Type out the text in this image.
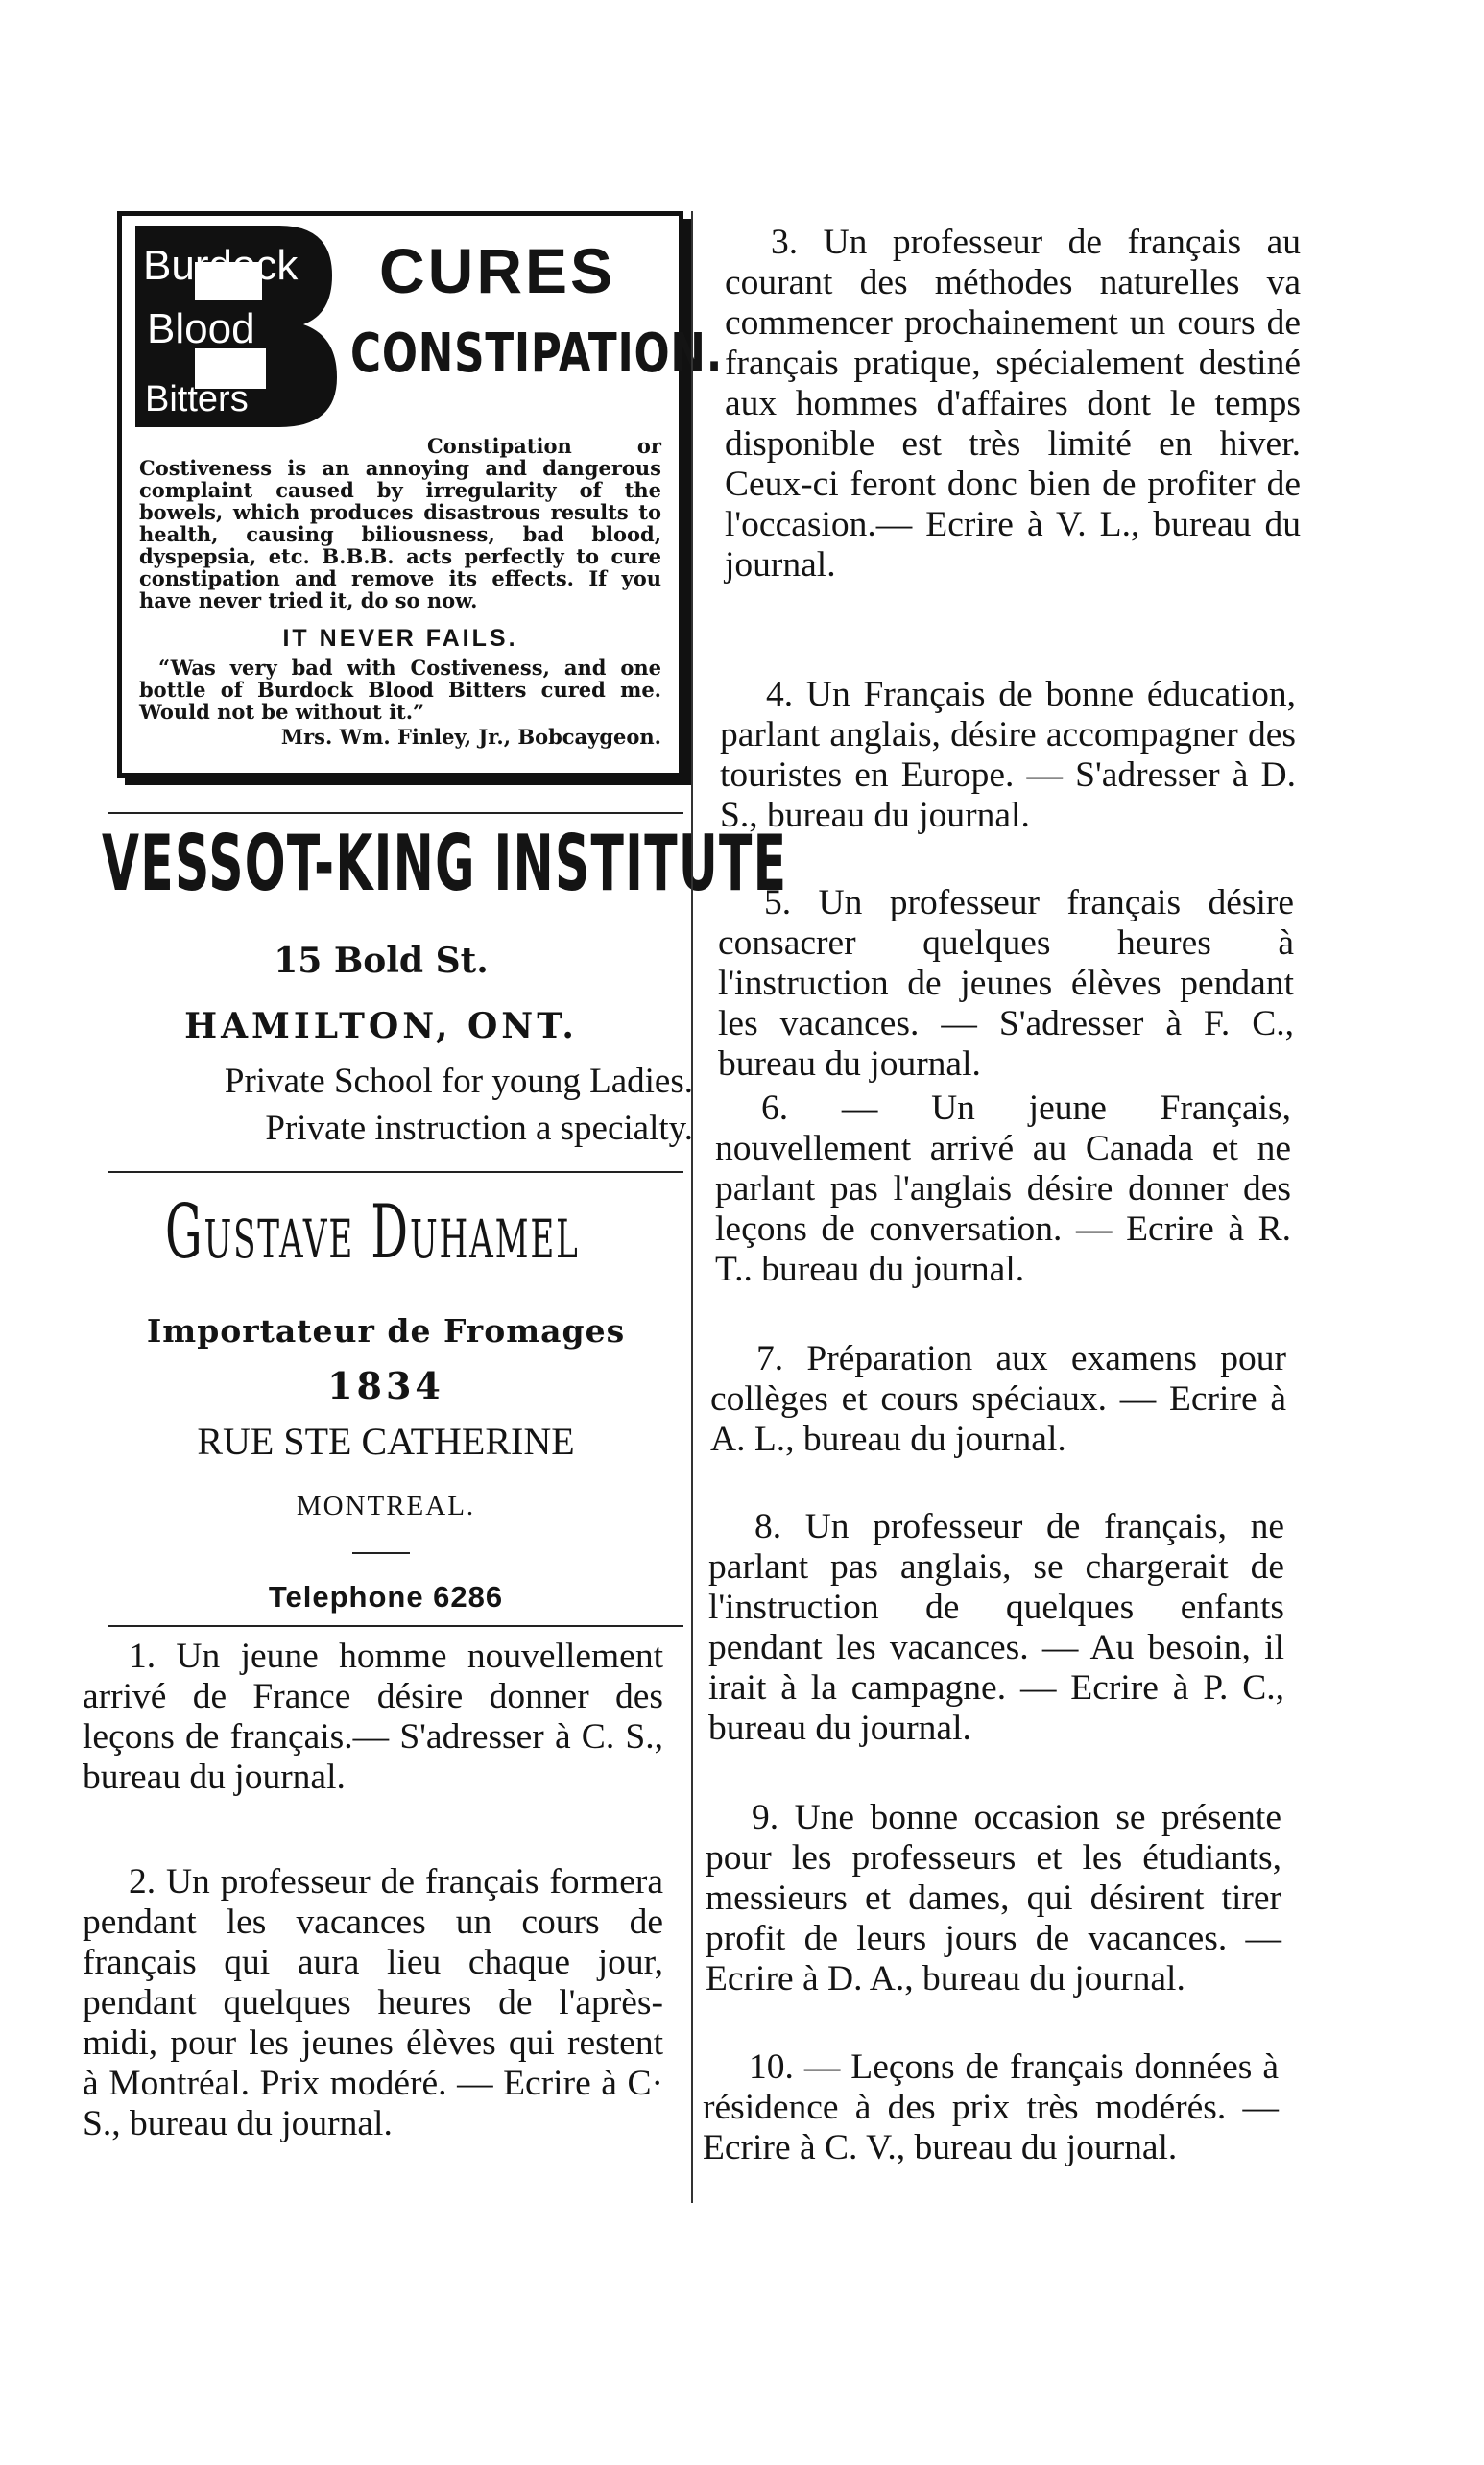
Burdock
Blood
Bitters
CURES
CONSTIPATION.
Constipation or Costiveness is an annoying and dangerous complaint caused by irregularity of the bowels, which produces disastrous results to health, causing biliousness, bad blood, dyspepsia, etc. B.B.B. acts perfectly to cure constipation and remove its effects. If you have never tried it, do so now.
IT NEVER FAILS.
“Was very bad with Costiveness, and one bottle of Burdock Blood Bitters cured me. Would not be without it.”
Mrs. Wm. Finley, Jr., Bobcaygeon.
VESSOT-KING INSTITUTE
15 Bold St.
HAMILTON, ONT.
Private School for young Ladies.
Private instruction a specialty.
Gustave Duhamel
Importateur de Fromages
1834
RUE STE CATHERINE
MONTREAL.
Telephone 6286
1. Un jeune homme nouvellement arrivé de France désire donner des leçons de français.— S'adresser à C. S., bureau du journal.
2. Un professeur de français formera pendant les vacances un cours de français qui aura lieu chaque jour, pendant quelques heures de l'après-midi, pour les jeunes élèves qui restent à Montréal. Prix modéré. — Ecrire à C· S., bureau du journal.
3. Un professeur de français au courant des méthodes naturelles va commencer prochainement un cours de français pratique, spécialement destiné aux hommes d'affaires dont le temps disponible est très limité en hiver. Ceux-ci feront donc bien de profiter de l'occasion.— Ecrire à V. L., bureau du journal.
4. Un Français de bonne éducation, parlant anglais, désire accompagner des touristes en Europe. — S'adresser à D. S., bureau du journal.
5. Un professeur français désire consacrer quelques heures à l'instruction de jeunes élèves pendant les vacances. — S'adresser à F. C., bureau du journal.
6. — Un jeune Français, nouvellement arrivé au Canada et ne parlant pas l'anglais désire donner des leçons de conversation. — Ecrire à R. T.. bureau du journal.
7. Préparation aux examens pour collèges et cours spéciaux. — Ecrire à A. L., bureau du journal.
8. Un professeur de français, ne parlant pas anglais, se chargerait de l'instruction de quelques enfants pendant les vacances. — Au besoin, il irait à la campagne. — Ecrire à P. C., bureau du journal.
9. Une bonne occasion se présente pour les professeurs et les étudiants, messieurs et dames, qui désirent tirer profit de leurs jours de vacances. — Ecrire à D. A., bureau du journal.
10. — Leçons de français données à résidence à des prix très modérés. — Ecrire à C. V., bureau du journal.
